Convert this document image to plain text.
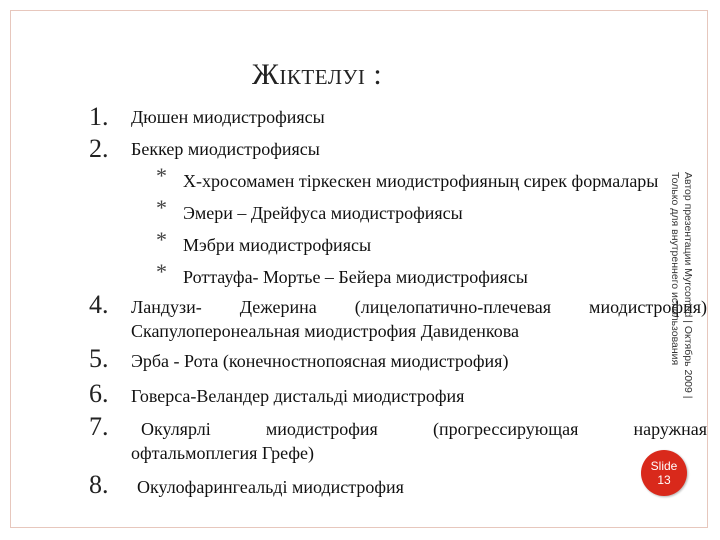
Жіктелуі :
1. Дюшен миодистрофиясы
2. Беккер миодистрофиясы
* X-хросомамен тіркескен миодистрофияның сирек формалары
* Эмери – Дрейфуса миодистрофиясы
* Мэбри миодистрофиясы
* Роттауфа- Мортье – Бейера миодистрофиясы
4. Ландузи- Дежерина (лицелопатично-плечевая миодистрофия)
Скапулоперонеальная миодистрофия Давиденкова
5. Эрба - Рота (конечностнопоясная миодистрофия)
6. Говерса-Веландер дистальді миодистрофия
7. Окулярлі	миодистрофия	(прогрессирующая	наружная
офтальмоплегия Грефе)
8. Окулофарингеальді миодистрофия
Автор презентации Myrcomed | Октябрь 2009 | Только для внутреннего использования
Slide
13
